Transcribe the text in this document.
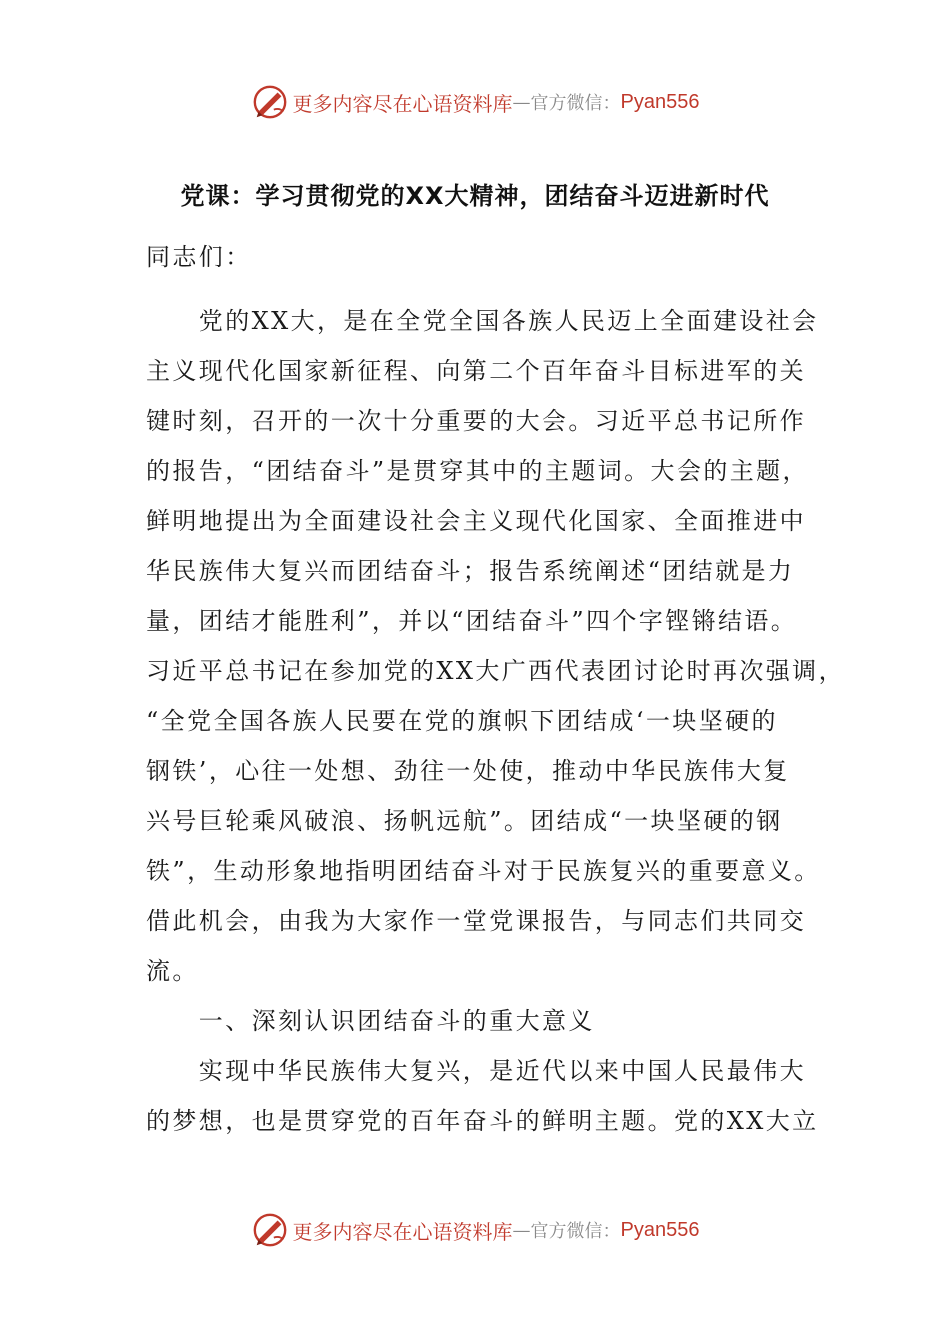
更多内容尽在心语资料库 — 官方微信： Pyan556
党课：学习贯彻党的XX大精神，团结奋斗迈进新时代
同志们：
　　党的XX大，是在全党全国各族人民迈上全面建设社会
主义现代化国家新征程、向第二个百年奋斗目标进军的关
键时刻，召开的一次十分重要的大会。习近平总书记所作
的报告，“团结奋斗”是贯穿其中的主题词。大会的主题，
鲜明地提出为全面建设社会主义现代化国家、全面推进中
华民族伟大复兴而团结奋斗；报告系统阐述“团结就是力
量，团结才能胜利”，并以“团结奋斗”四个字铿锵结语。
习近平总书记在参加党的XX大广西代表团讨论时再次强调，
“全党全国各族人民要在党的旗帜下团结成‘一块坚硬的
钢铁’，心往一处想、劲往一处使，推动中华民族伟大复
兴号巨轮乘风破浪、扬帆远航”。团结成“一块坚硬的钢
铁”，生动形象地指明团结奋斗对于民族复兴的重要意义。
借此机会，由我为大家作一堂党课报告，与同志们共同交
流。
　　一、深刻认识团结奋斗的重大意义
　　实现中华民族伟大复兴，是近代以来中国人民最伟大
的梦想，也是贯穿党的百年奋斗的鲜明主题。党的XX大立
更多内容尽在心语资料库 — 官方微信： Pyan556
